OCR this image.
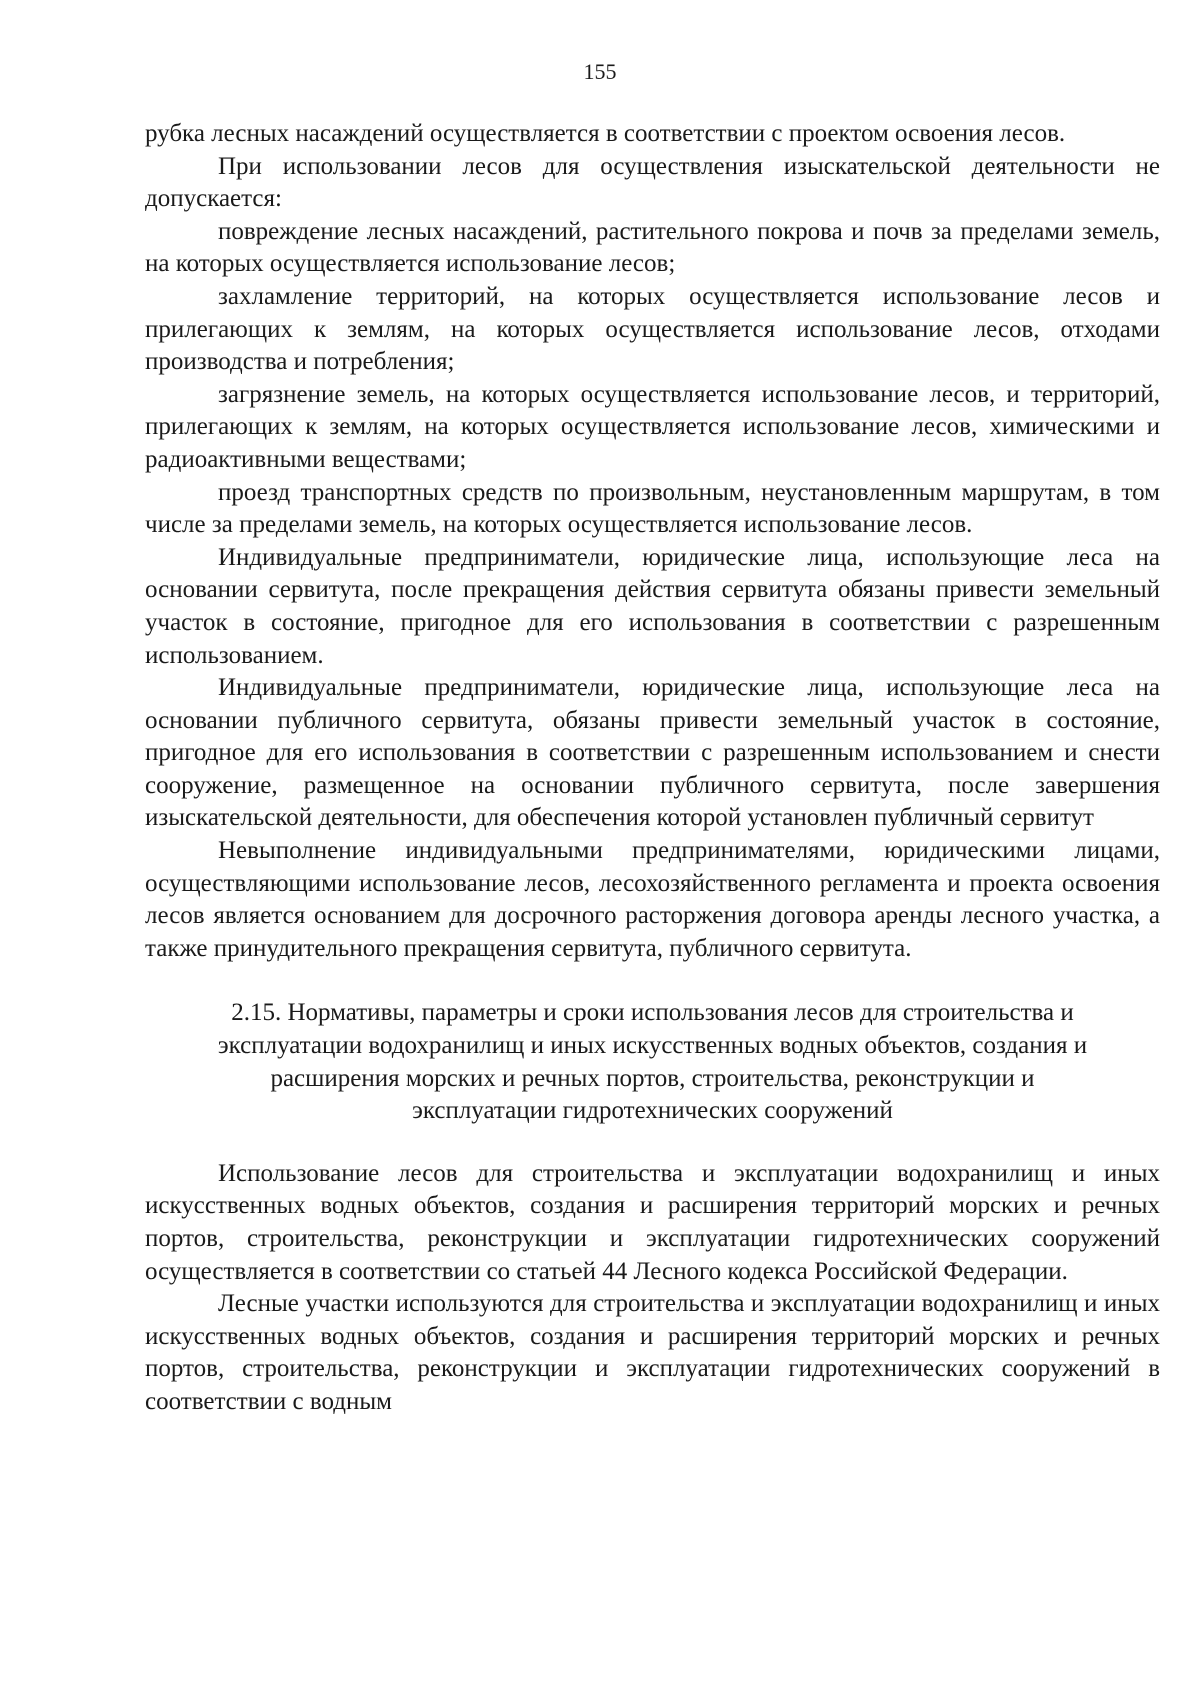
155

рубка лесных насаждений осуществляется в соответствии с проектом освоения лесов.

При использовании лесов для осуществления изыскательской деятельности не допускается:

повреждение лесных насаждений, растительного покрова и почв за пределами земель, на которых осуществляется использование лесов;

захламление территорий, на которых осуществляется использование лесов и прилегающих к землям, на которых осуществляется использование лесов, отходами производства и потребления;

загрязнение земель, на которых осуществляется использование лесов, и территорий, прилегающих к землям, на которых осуществляется использование лесов, химическими и радиоактивными веществами;

проезд транспортных средств по произвольным, неустановленным маршрутам, в том числе за пределами земель, на которых осуществляется использование лесов.

Индивидуальные предприниматели, юридические лица, использующие леса на основании сервитута, после прекращения действия сервитута обязаны привести земельный участок в состояние, пригодное для его использования в соответствии с разрешенным использованием.

Индивидуальные предприниматели, юридические лица, использующие леса на основании публичного сервитута, обязаны привести земельный участок в состояние, пригодное для его использования в соответствии с разрешенным использованием и снести сооружение, размещенное на основании публичного сервитута, после завершения изыскательской деятельности, для обеспечения которой установлен публичный сервитут

Невыполнение индивидуальными предпринимателями, юридическими лицами, осуществляющими использование лесов, лесохозяйственного регламента и проекта освоения лесов является основанием для досрочного расторжения договора аренды лесного участка, а также принудительного прекращения сервитута, публичного сервитута.

2.15. Нормативы, параметры и сроки использования лесов для строительства и
эксплуатации водохранилищ и иных искусственных водных объектов, создания и
расширения морских и речных портов, строительства, реконструкции и
эксплуатации гидротехнических сооружений

Использование лесов для строительства и эксплуатации водохранилищ и иных искусственных водных объектов, создания и расширения территорий морских и речных портов, строительства, реконструкции и эксплуатации гидротехнических сооружений осуществляется в соответствии со статьей 44 Лесного кодекса Российской Федерации.

Лесные участки используются для строительства и эксплуатации водохранилищ и иных искусственных водных объектов, создания и расширения территорий морских и речных портов, строительства, реконструкции и эксплуатации гидротехнических сооружений в соответствии с водным
